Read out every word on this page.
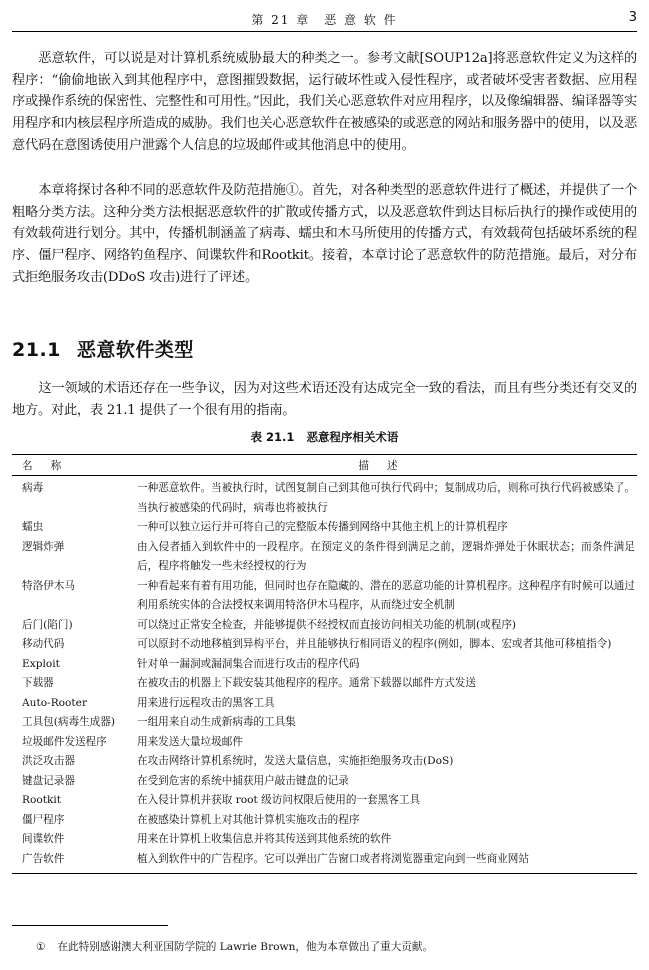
第 21 章　恶 意 软 件	3

恶意软件，可以说是对计算机系统威胁最大的种类之一。参考文献[SOUP12a]将恶意软件定义为这样的程序：“偷偷地嵌入到其他程序中，意图摧毁数据，运行破坏性或入侵性程序，或者破坏受害者数据、应用程序或操作系统的保密性、完整性和可用性。”因此，我们关心恶意软件对应用程序，以及像编辑器、编译器等实用程序和内核层程序所造成的威胁。我们也关心恶意软件在被感染的或恶意的网站和服务器中的使用，以及恶意代码在意图诱使用户泄露个人信息的垃圾邮件或其他消息中的使用。

本章将探讨各种不同的恶意软件及防范措施①。首先，对各种类型的恶意软件进行了概述，并提供了一个粗略分类方法。这种分类方法根据恶意软件的扩散或传播方式，以及恶意软件到达目标后执行的操作或使用的有效载荷进行划分。其中，传播机制涵盖了病毒、蠕虫和木马所使用的传播方式，有效载荷包括破坏系统的程序、僵尸程序、网络钓鱼程序、间谍软件和Rootkit。接着，本章讨论了恶意软件的防范措施。最后，对分布式拒绝服务攻击(DDoS 攻击)进行了评述。

21.1 恶意软件类型

这一领域的术语还存在一些争议，因为对这些术语还没有达成完全一致的看法，而且有些分类还有交叉的地方。对此，表 21.1 提供了一个很有用的指南。

表 21.1 恶意程序相关术语
名称	描述
病毒	一种恶意软件。当被执行时，试图复制自己到其他可执行代码中；复制成功后，则称可执行代码被感染了。当执行被感染的代码时，病毒也将被执行
蠕虫	一种可以独立运行并可将自己的完整版本传播到网络中其他主机上的计算机程序
逻辑炸弹	由入侵者插入到软件中的一段程序。在预定义的条件得到满足之前，逻辑炸弹处于休眠状态；而条件满足后，程序将触发一些未经授权的行为
特洛伊木马	一种看起来有着有用功能，但同时也存在隐藏的、潜在的恶意功能的计算机程序。这种程序有时候可以通过利用系统实体的合法授权来调用特洛伊木马程序，从而绕过安全机制
后门(陷门)	可以绕过正常安全检查，并能够提供不经授权而直接访问相关功能的机制(或程序)
移动代码	可以原封不动地移植到异构平台，并且能够执行相同语义的程序(例如，脚本、宏或者其他可移植指令)
Exploit	针对单一漏洞或漏洞集合而进行攻击的程序代码
下载器	在被攻击的机器上下载安装其他程序的程序。通常下载器以邮件方式发送
Auto-Rooter	用来进行远程攻击的黑客工具
工具包(病毒生成器)	一组用来自动生成新病毒的工具集
垃圾邮件发送程序	用来发送大量垃圾邮件
洪泛攻击器	在攻击网络计算机系统时，发送大量信息，实施拒绝服务攻击(DoS)
键盘记录器	在受到危害的系统中捕获用户敲击键盘的记录
Rootkit	在入侵计算机并获取 root 级访问权限后使用的一套黑客工具
僵尸程序	在被感染计算机上对其他计算机实施攻击的程序
间谍软件	用来在计算机上收集信息并将其传送到其他系统的软件
广告软件	植入到软件中的广告程序。它可以弹出广告窗口或者将浏览器重定向到一些商业网站
① 在此特别感谢澳大利亚国防学院的 Lawrie Brown，他为本章做出了重大贡献。
